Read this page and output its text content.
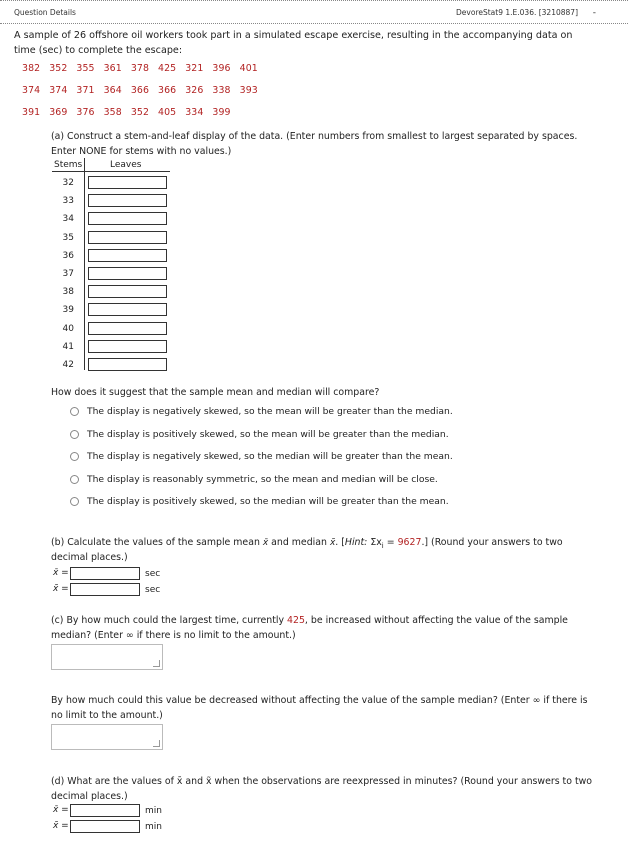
Question Details	DevoreStat9 1.E.036. [3210887] -
A sample of 26 offshore oil workers took part in a simulated escape exercise, resulting in the accompanying data on time (sec) to complete the escape:
382 352 355 361 378 425 321 396 401
374 374 371 364 366 366 326 338 393
391 369 376 358 352 405 334 399
(a) Construct a stem-and-leaf display of the data. (Enter numbers from smallest to largest separated by spaces.
Enter NONE for stems with no values.)
Stems	Leaves
32
33
34
35
36
37
38
39
40
41
42
How does it suggest that the sample mean and median will compare?
The display is negatively skewed, so the mean will be greater than the median.
The display is positively skewed, so the mean will be greater than the median.
The display is negatively skewed, so the median will be greater than the mean.
The display is reasonably symmetric, so the mean and median will be close.
The display is positively skewed, so the median will be greater than the mean.
(b) Calculate the values of the sample mean x̄ and median x̃. [Hint: $\Sigma x_i = 9627$.] (Round your answers to two
decimal places.)
x̄ =	sec
x̃ =	sec
(c) By how much could the largest time, currently 425, be increased without affecting the value of the sample
median? (Enter ∞ if there is no limit to the amount.)
By how much could this value be decreased without affecting the value of the sample median? (Enter ∞ if there is
no limit to the amount.)
(d) What are the values of x̄ and x̃ when the observations are reexpressed in minutes? (Round your answers to two
decimal places.)
x̄ =	min
x̃ =	min
